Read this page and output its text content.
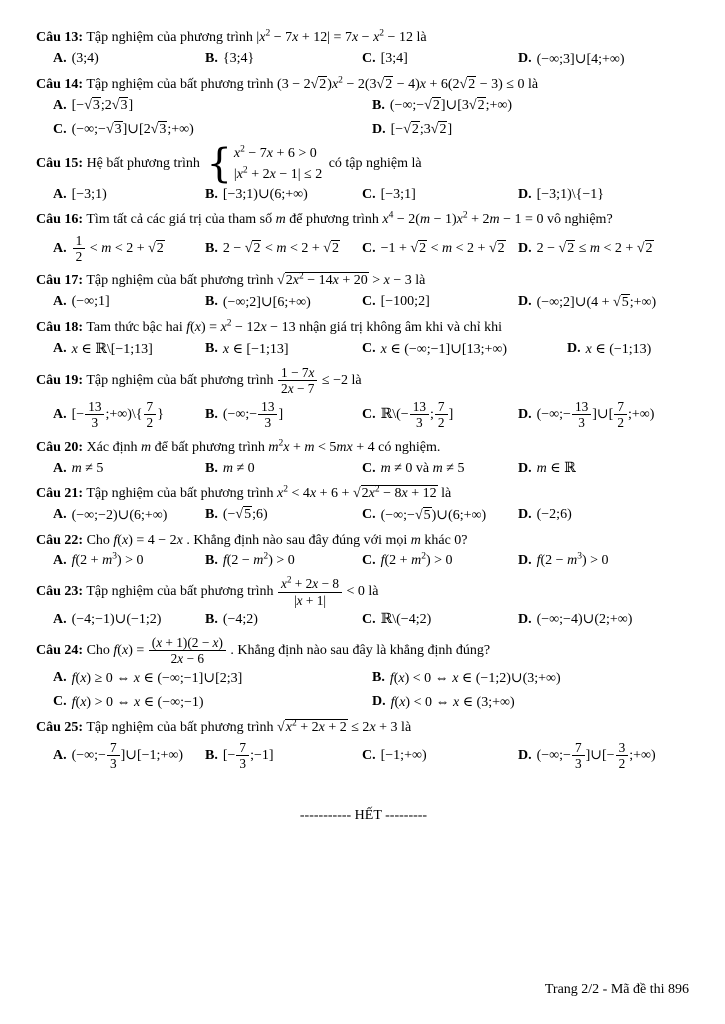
Câu 13: Tập nghiệm của phương trình $|x^2 - 7x + 12| = 7x - x^2 - 12$ là

A. (3;4)	B. {3;4}	C. [3;4]	D. (−∞;3]∪[4;+∞)

Câu 14: Tập nghiệm của bất phương trình $(3 - 2√2)x^2 - 2(3√2 - 4)x + 6(2√2 - 3) \le 0$ là

A. [−√3;2√3]	B. (−∞;−√2]∪[3√2;+∞)
C. (−∞;−√3]∪[2√3;+∞)	D. [−√2;3√2]

Câu 15: Hệ bất phương trình { $x^2 - 7x + 6 > 0$
$|x^2 + 2x - 1| \le 2$
có tập nghiệm là

A. [−3;1)	B. [−3;1)∪(6;+∞)	C. [−3;1]	D. [−3;1)\{−1}

Câu 16: Tìm tất cả các giá trị của tham số m để phương trình $x^4 - 2(m - 1)x^2 + 2m - 1 = 0$ vô nghiệm?

A. $\frac{1}{2} < m < 2 + √2$	B. 2 − √2 < m < 2 + √2 C. −1 + √2 < m < 2 + √2 D. 2 − √2 ≤ m < 2 + √2

Câu 17: Tập nghiệm của bất phương trình $√2x^2 - 14x + 20 > x - 3$ là

A. (−∞;1]	B. (−∞;2]∪[6;+∞)	C. [−100;2]	D. (−∞;2]∪(4 + √5;+∞)

Câu 18: Tam thức bậc hai $f(x) = x^2 - 12x - 13$ nhận giá trị không âm khi và chỉ khi

A. x ∈ ℝ\[−1;13]	B. x ∈ [−1;13]	C. x ∈ (−∞;−1]∪[13;+∞)	D. x ∈ (−1;13)

Câu 19: Tập nghiệm của bất phương trình $\frac{1 - 7x}{2x - 7} \le -2$ là

A. [− $\frac{13}{3}$ ;+∞)\{ $\frac{7}{2}$ }	B. (−∞;− $\frac{13}{3}$ ]	C. ℝ\(− $\frac{13}{3}$ ; $\frac{7}{2}$ ]	D. (−∞;− $\frac{13}{3}$ ]∪[ $\frac{7}{2}$ ;+∞)

Câu 20: Xác định m để bất phương trình $m^2x + m < 5mx + 4$ có nghiệm.

A. m ≠ 5	B. m ≠ 0	C. m ≠ 0 và m ≠ 5	D. m ∈ ℝ

Câu 21: Tập nghiệm của bất phương trình $x^2 < 4x + 6 + √2x^2 - 8x + 12$ là

A. (−∞;−2)∪(6;+∞)	B. (−√5;6)	C. (−∞;−√5)∪(6;+∞) D. (−2;6)

Câu 22: Cho f(x) = 4 − 2x . Khẳng định nào sau đây đúng với mọi m khác 0?

A. $f(2 + m^3) > 0$	B. $f(2 - m^2) > 0$	C. $f(2 + m^2) > 0$	D. $f(2 - m^3) > 0$

Câu 23: Tập nghiệm của bất phương trình $\frac{x^2 + 2x - 8}{|x + 1|} < 0$ là

A. (−4;−1)∪(−1;2)	B. (−4;2)	C. ℝ\(−4;2)	D. (−∞;−4)∪(2;+∞)

Câu 24: Cho $f(x) = \frac{(x + 1)(2 - x)}{2x - 6}$ . Khẳng định nào sau đây là khẳng định đúng?

A. f(x) ≥ 0 ⇔ x ∈ (−∞;−1]∪[2;3]	B. f(x) < 0 ⇔ x ∈ (−1;2)∪(3;+∞)
C. f(x) > 0 ⇔ x ∈ (−∞;−1)	D. f(x) < 0 ⇔ x ∈ (3;+∞)

Câu 25: Tập nghiệm của bất phương trình $√x^2 + 2x + 2 \le 2x + 3$ là

A. (−∞;− $\frac{7}{3}$ ]∪[−1;+∞) B. [− $\frac{7}{3}$ ;−1]	C. [−1;+∞)	D. (−∞;− $\frac{7}{3}$ ]∪[− $\frac{3}{2}$ ;+∞)
----------- HẾT ---------
Trang 2/2 - Mã đề thi 896
